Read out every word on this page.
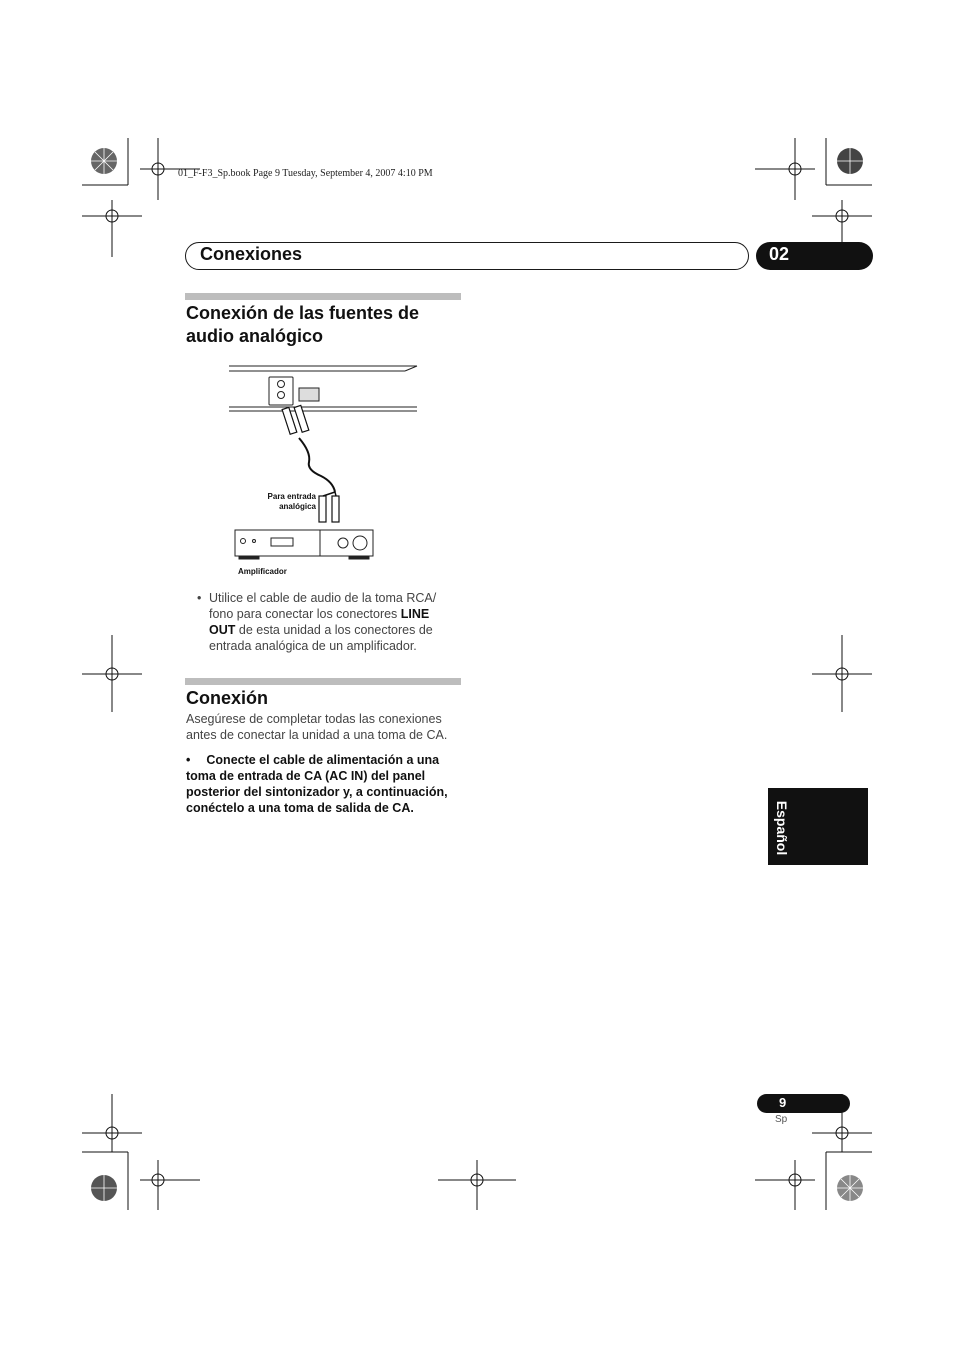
01_F-F3_Sp.book Page 9 Tuesday, September 4, 2007 4:10 PM
Conexiones	02
Conexión de las fuentes de
audio analógico
Para entrada
analógica
Amplificador
• Utilice el cable de audio de la toma RCA/
fono para conectar los conectores LINE
OUT de esta unidad a los conectores de
entrada analógica de un amplificador.
Conexión
Asegúrese de completar todas las conexiones
antes de conectar la unidad a una toma de CA.
• Conecte el cable de alimentación a una
toma de entrada de CA (AC IN) del panel
posterior del sintonizador y, a continuación,
conéctelo a una toma de salida de CA.	Español
9
Sp
